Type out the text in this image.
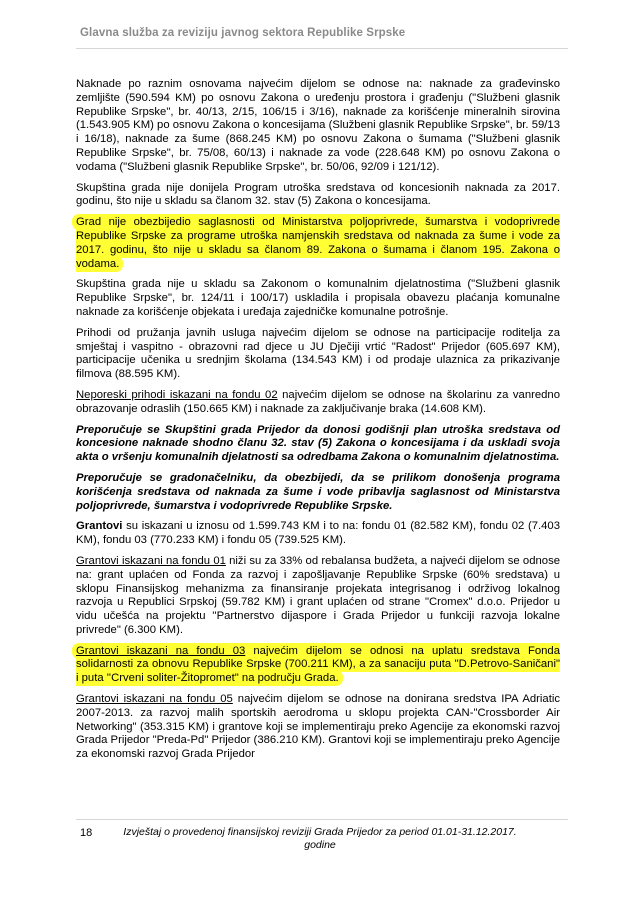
Glavna služba za reviziju javnog sektora Republike Srpske

Naknade po raznim osnovama najvećim dijelom se odnose na: naknade za građevinsko zemljište (590.594 KM) po osnovu Zakona o uređenju prostora i građenju ("Službeni glasnik Republike Srpske", br. 40/13, 2/15, 106/15 i 3/16), naknade za korišćenje mineralnih sirovina (1.543.905 KM) po osnovu Zakona o koncesijama (Službeni glasnik Republike Srpske", br. 59/13 i 16/18), naknade za šume (868.245 KM) po osnovu Zakona o šumama ("Službeni glasnik Republike Srpske", br. 75/08, 60/13) i naknade za vode (228.648 KM) po osnovu Zakona o vodama ("Službeni glasnik Republike Srpske", br. 50/06, 92/09 i 121/12).

Skupština grada nije donijela Program utroška sredstava od koncesionih naknada za 2017. godinu, što nije u skladu sa članom 32. stav (5) Zakona o koncesijama.

Grad nije obezbijedio saglasnosti od Ministarstva poljoprivrede, šumarstva i vodoprivrede Republike Srpske za programe utroška namjenskih sredstava od naknada za šume i vode za 2017. godinu, što nije u skladu sa članom 89. Zakona o šumama i članom 195. Zakona o vodama.

Skupština grada nije u skladu sa Zakonom o komunalnim djelatnostima ("Službeni glasnik Republike Srpske", br. 124/11 i 100/17) uskladila i propisala obavezu plaćanja komunalne naknade za korišćenje objekata i uređaja zajedničke komunalne potrošnje.

Prihodi od pružanja javnih usluga najvećim dijelom se odnose na participacije roditelja za smještaj i vaspitno - obrazovni rad djece u JU Dječiji vrtić "Radost" Prijedor (605.697 KM), participacije učenika u srednjim školama (134.543 KM) i od prodaje ulaznica za prikazivanje filmova (88.595 KM).

Neporeski prihodi iskazani na fondu 02 najvećim dijelom se odnose na školarinu za vanredno obrazovanje odraslih (150.665 KM) i naknade za zaključivanje braka (14.608 KM).

Preporučuje se Skupštini grada Prijedor da donosi godišnji plan utroška sredstava od koncesione naknade shodno članu 32. stav (5) Zakona o koncesijama i da uskladi svoja akta o vršenju komunalnih djelatnosti sa odredbama Zakona o komunalnim djelatnostima.

Preporučuje se gradonačelniku, da obezbijedi, da se prilikom donošenja programa korišćenja sredstava od naknada za šume i vode pribavlja saglasnost od Ministarstva poljoprivrede, šumarstva i vodoprivrede Republike Srpske.

Grantovi su iskazani u iznosu od 1.599.743 KM i to na: fondu 01 (82.582 KM), fondu 02 (7.403 KM), fondu 03 (770.233 KM) i fondu 05 (739.525 KM).

Grantovi iskazani na fondu 01 niži su za 33% od rebalansa budžeta, a najveći dijelom se odnose na: grant uplaćen od Fonda za razvoj i zapošljavanje Republike Srpske (60% sredstava) u sklopu Finansijskog mehanizma za finansiranje projekata integrisanog i održivog lokalnog razvoja u Republici Srpskoj (59.782 KM) i grant uplaćen od strane "Cromex" d.o.o. Prijedor u vidu učešća na projektu ''Partnerstvo dijaspore i Grada Prijedor u funkciji razvoja lokalne privrede" (6.300 KM).

Grantovi iskazani na fondu 03 najvećim dijelom se odnosi na uplatu sredstava Fonda solidarnosti za obnovu Republike Srpske (700.211 KM), a za sanaciju puta "D.Petrovo-Saničani" i puta ''Crveni soliter-Žitopromet" na području Grada.

Grantovi iskazani na fondu 05 najvećim dijelom se odnose na donirana sredstva IPA Adriatic 2007-2013. za razvoj malih sportskih aerodroma u sklopu projekta CAN-"Crossborder Air Networking" (353.315 KM) i grantove koji se implementiraju preko Agencije za ekonomski razvoj Grada Prijedor "Preda-Pd" Prijedor (386.210 KM). Grantovi koji se implementiraju preko Agencije za ekonomski razvoj Grada Prijedor

18	Izvještaj o provedenoj finansijskoj reviziji Grada Prijedor za period 01.01-31.12.2017. godine
